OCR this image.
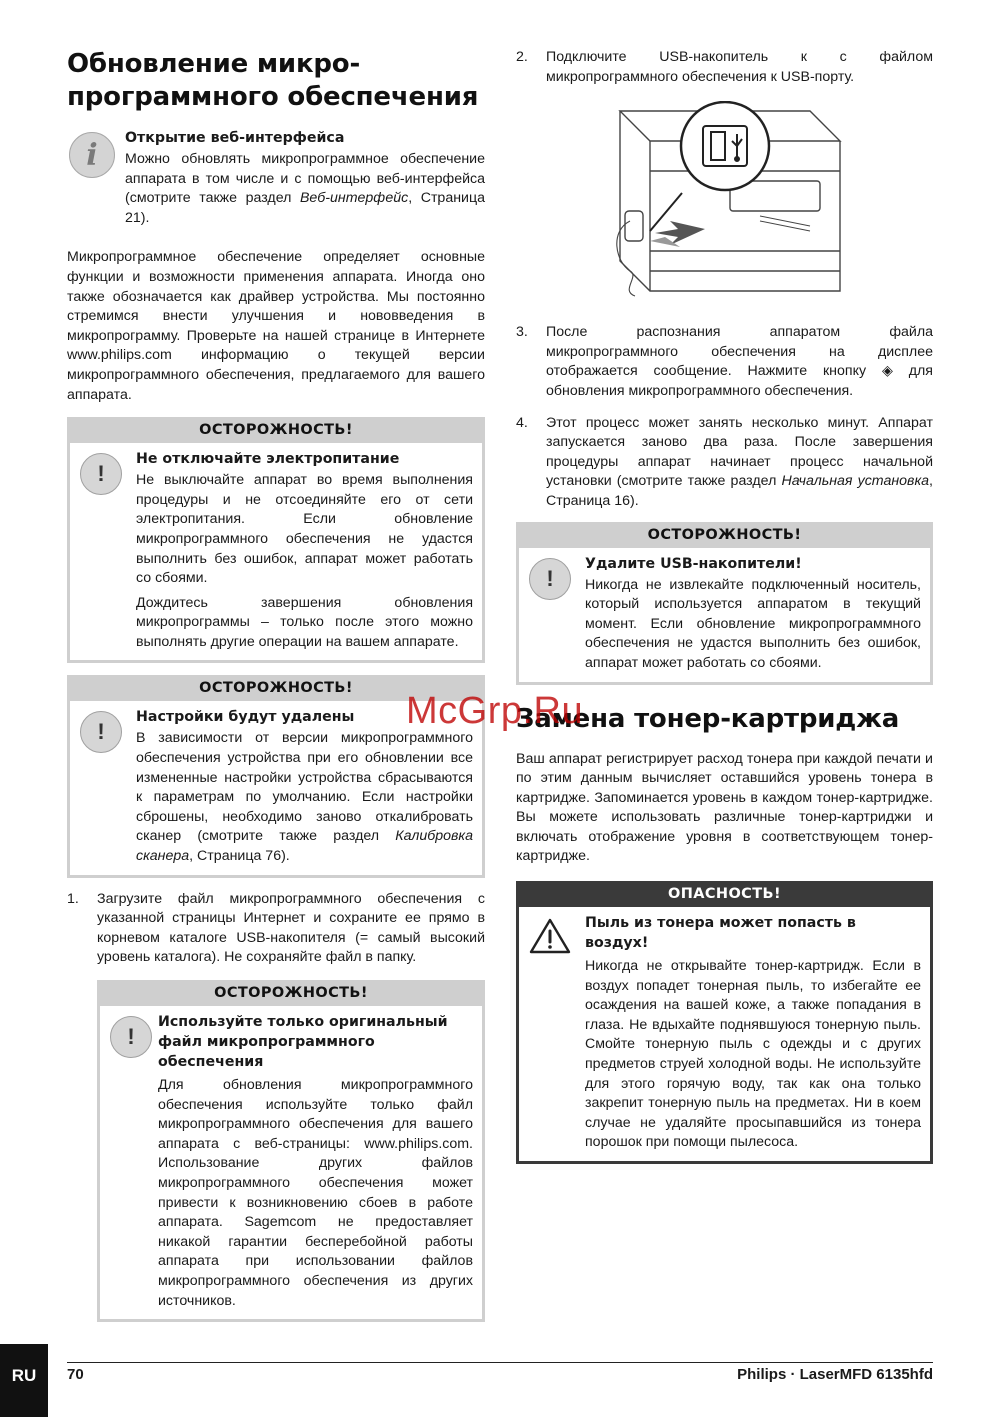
Обновление микро-
программного обеспечения
i	Открытие веб-интерфейса

Можно обновлять микропрограммное обеспечение аппарата в том числе и с помощью веб-интерфейса (смотрите также раздел Веб-интерфейс, Страница 21).

Микропрограммное обеспечение определяет основные функции и возможности применения аппарата. Иногда оно также обозначается как драйвер устройства. Мы постоянно стремимся внести улучшения и нововведения в микропрограмму. Проверьте на нашей странице в Интернете www.philips.com информацию о текущей версии микропрограммного обеспечения, предлагаемого для вашего аппарата.

ОСТОРОЖНОСТЬ!
!

Не отключайте электропитание

Не выключайте аппарат во время выполнения процедуры и не отсоединяйте его от сети электропитания. Если обновление микропрограммного обеспечения не удастся выполнить без ошибок, аппарат может работать со сбоями.

Дождитесь завершения обновления микропрограммы – только после этого можно выполнять другие операции на вашем аппарате.

ОСТОРОЖНОСТЬ!
!

Настройки будут удалены

В зависимости от версии микропрограммного обеспечения устройства при его обновлении все измененные настройки устройства сбрасываются к параметрам по умолчанию. Если настройки сброшены, необходимо заново откалибровать сканер (смотрите также раздел Калибровка сканера, Страница 76).

1. Загрузите файл микропрограммного обеспечения с указанной страницы Интернет и сохраните ее прямо в корневом каталоге USB-накопителя (= самый высокий уровень каталога). Не сохраняйте файл в папку.

ОСТОРОЖНОСТЬ!
!

Используйте только оригинальный файл микропрограммного обеспечения

Для обновления микропрограммного обеспечения используйте только файл микропрограммного обеспечения для вашего аппарата с веб-страницы: www.philips.com. Использование других файлов микропрограммного обеспечения может привести к возникновению сбоев в работе аппарата. Sagemcom не предоставляет никакой гарантии бесперебойной работы аппарата при использовании файлов микропрограммного обеспечения из других источников.

2. Подключите USB-накопитель к с файлом микропрограммного обеспечения к USB-порту.

3. После распознания аппаратом файла микропрограммного обеспечения на дисплее отображается сообщение. Нажмите кнопку ◈ для обновления микропрограммного обеспечения.

4. Этот процесс может занять несколько минут. Аппарат запускается заново два раза. После завершения процедуры аппарат начинает процесс начальной установки (смотрите также раздел Начальная установка, Страница 16).

ОСТОРОЖНОСТЬ!
!

Удалите USB-накопители!

Никогда не извлекайте подключенный носитель, который используется аппаратом в текущий момент. Если обновление микропрограммного обеспечения не удастся выполнить без ошибок, аппарат может работать со сбоями.

Замена тонер-картриджа

Ваш аппарат регистрирует расход тонера при каждой печати и по этим данным вычисляет оставшийся уровень тонера в картридже. Запоминается уровень в каждом тонер-картридже. Вы можете использовать различные тонер-картриджи и включать отображение уровня в соответствующем тонер-картридже.

ОПАСНОСТЬ!

Пыль из тонера может попасть в воздух!

Никогда не открывайте тонер-картридж. Если в воздух попадет тонерная пыль, то избегайте ее осаждения на вашей коже, а также попадания в глаза. Не вдыхайте поднявшуюся тонерную пыль. Смойте тонерную пыль с одежды и с других предметов струей холодной воды. Не используйте для этого горячую воду, так как она только закрепит тонерную пыль на предметах. Ни в коем случае не удаляйте просыпавшийся из тонера порошок при помощи пылесоса.

McGrp.Ru
RU	70	Philips · LaserMFD 6135hfd
